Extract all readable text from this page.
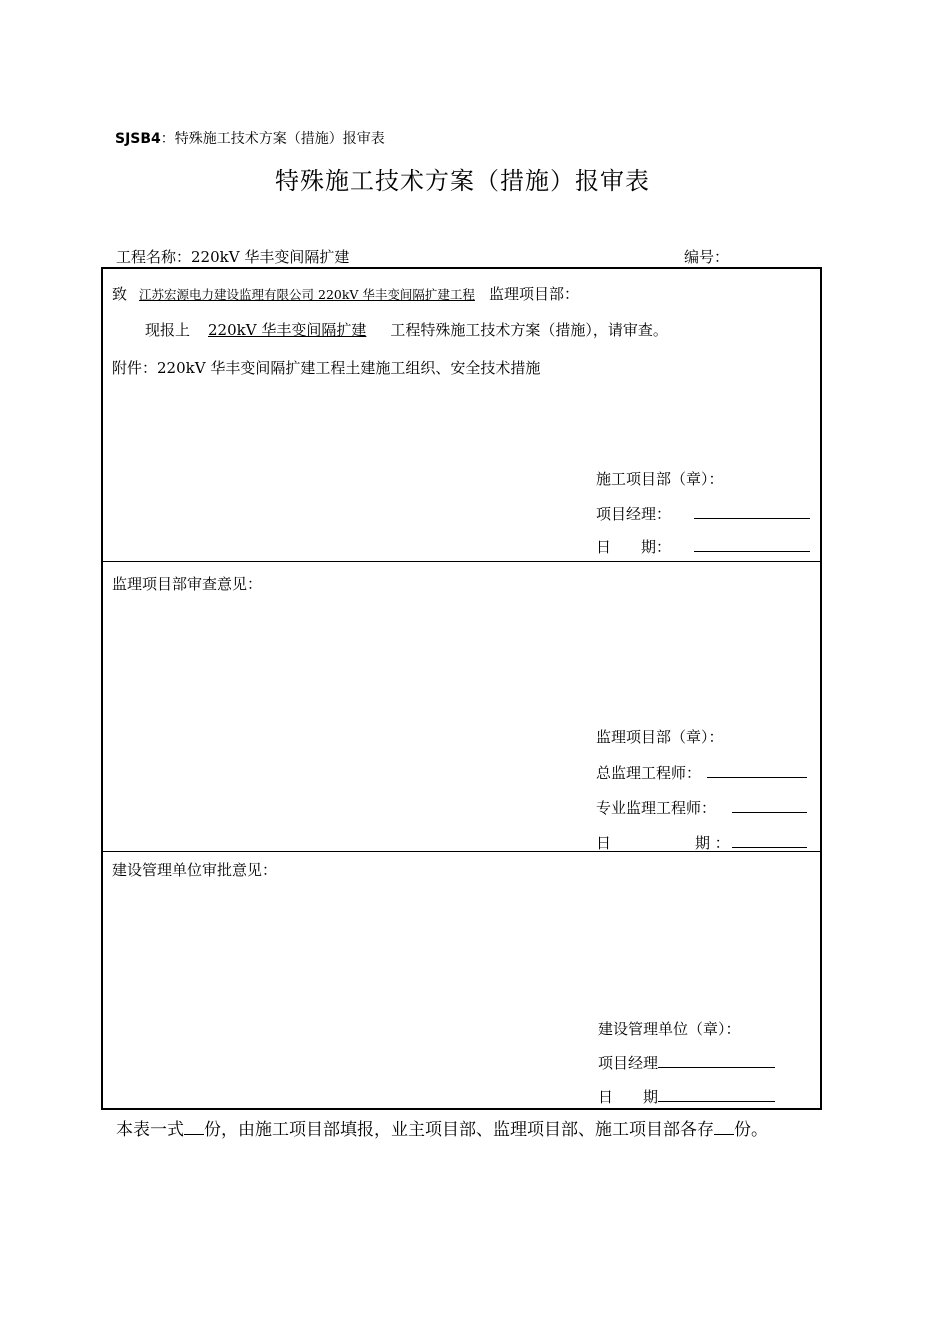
SJSB4：特殊施工技术方案（措施）报审表
特殊施工技术方案（措施）报审表
工程名称：220kV 华丰变间隔扩建	编号：
致 江苏宏源电力建设监理有限公司 220kV 华丰变间隔扩建工程 监理项目部：
现报上 220kV 华丰变间隔扩建 工程特殊施工技术方案（措施），请审查。
附件：220kV 华丰变间隔扩建工程土建施工组织、安全技术措施
施工项目部（章）：
项目经理：
日　　期：
监理项目部审查意见：
监理项目部（章）：
总监理工程师：
专业监理工程师：
日	期 ：
建设管理单位审批意见：
建设管理单位（章）：
项目经理
日　　期
本表一式 份，由施工项目部填报，业主项目部、监理项目部、施工项目部各存 份。
